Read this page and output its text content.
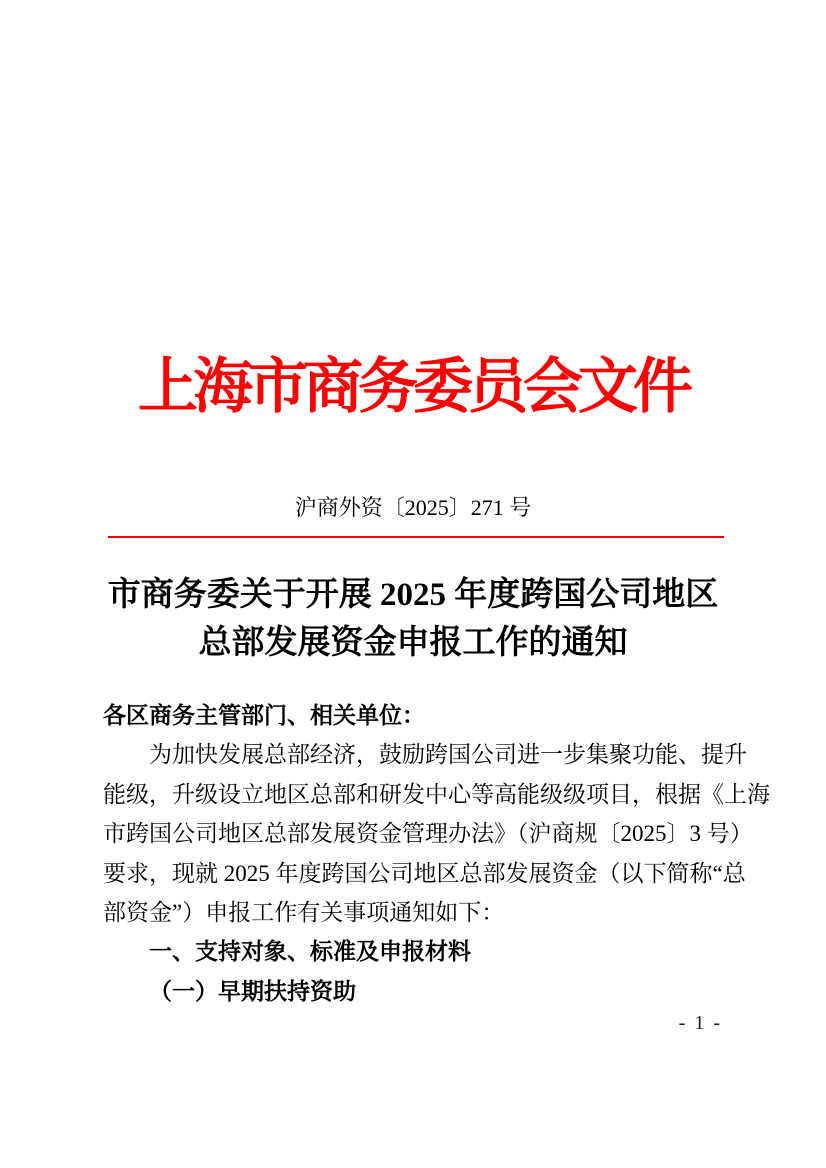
上海市商务委员会文件
沪商外资〔2025〕271 号
市商务委关于开展 2025 年度跨国公司地区
总部发展资金申报工作的通知
各区商务主管部门、相关单位：
为加快发展总部经济，鼓励跨国公司进一步集聚功能、提升
能级，升级设立地区总部和研发中心等高能级级项目，根据《上海
市跨国公司地区总部发展资金管理办法》（沪商规〔2025〕3 号）
要求，现就 2025 年度跨国公司地区总部发展资金（以下简称“总
部资金”）申报工作有关事项通知如下：
一、支持对象、标准及申报材料
（一）早期扶持资助
- 1 -
